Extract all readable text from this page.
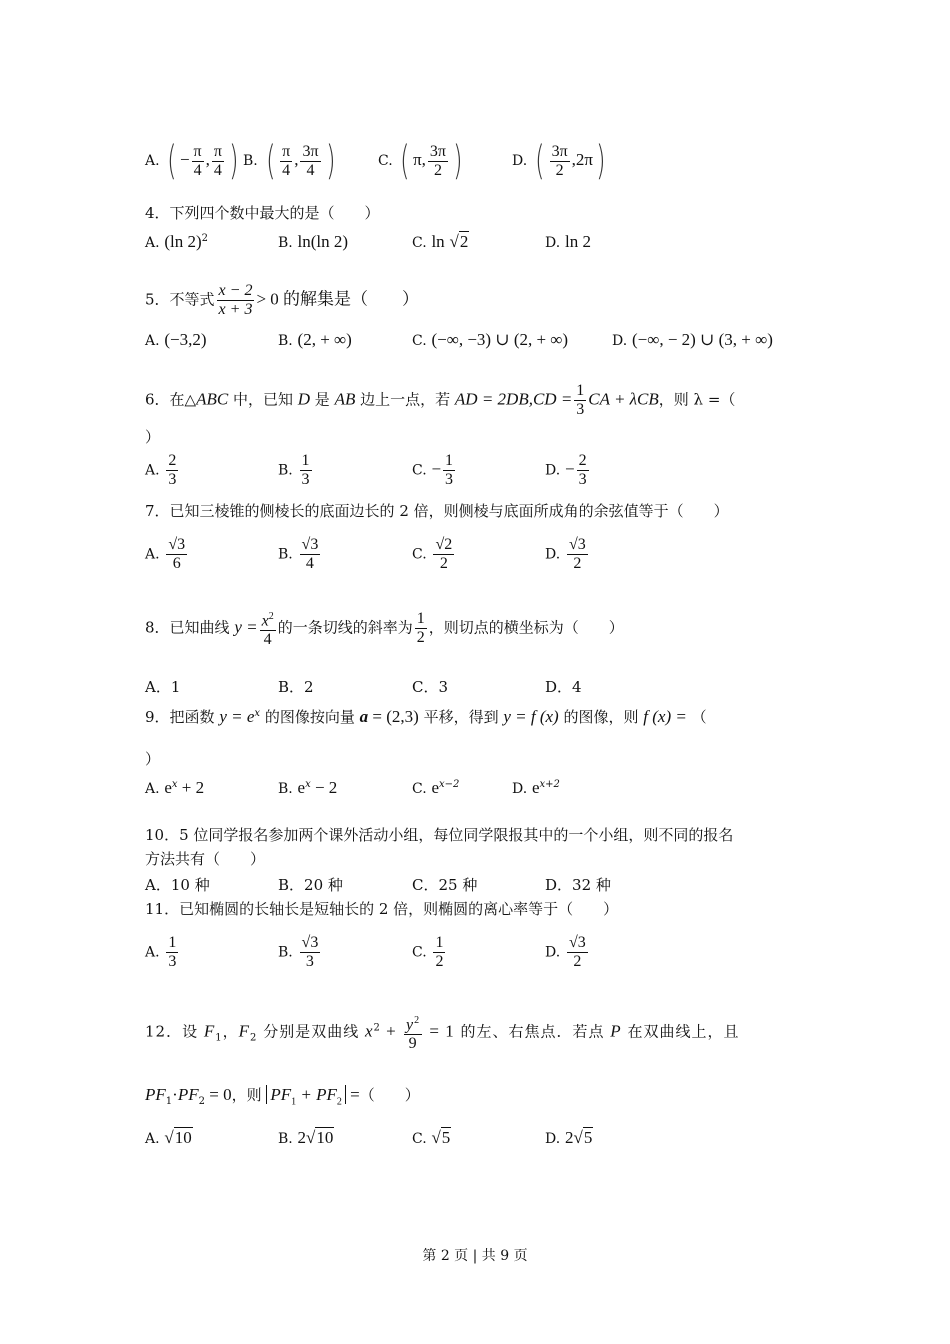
A. ( − $\frac{\pi}{4}$ , $\frac{\pi}{4}$ ) B. ( $\frac{\pi}{4}$ , $\frac{3\pi}{4}$ )	C. ( π, $\frac{3\pi}{2}$ )	D. ( $\frac{3\pi}{2} ,2\pi$)
4．下列四个数中最大的是（　　）
A. (ln 2)$^2$	B. ln(ln 2)	C. ln √2	D. ln 2
5．不等式 $\frac{x - 2}{x + 3} > 0$ 的解集是（　　）
A. (−3,2)	B. (2, + ∞)	C. (−∞, −3) ∪ (2, + ∞)	D. (−∞, − 2) ∪ (3, + ∞)
6．在△ABC 中，已知 D 是 AB 边上一点，若 AD = $2DB,CD = \frac{1}{3}$ CA + λCB，则 λ =（
）
A. $\frac{2}{3}$	B. $\frac{1}{3}$	C. − $\frac{1}{3}$	D. − $\frac{2}{3}$
7．已知三棱锥的侧棱长的底面边长的 2 倍，则侧棱与底面所成角的余弦值等于（　　）
A. $\frac{√3}{6}$	B. $\frac{√3}{4}$	C. $\frac{√2}{2}$	D. $\frac{√3}{2}$
8．已知曲线 $y = \frac{x^2}{4}$ 的一条切线的斜率为 $\frac{1}{2}$ ，则切点的横坐标为（　　）
A．1	B．2	C．3	D．4
9．把函数 $y = e^x$ 的图像按向量 a = (2,3) 平移，得到 y = f (x) 的图像，则 f (x) = （
）
A. $e^x + 2$	B. $e^x - 2$	C. $e^{x-2}$	D. $e^{x+2}$
10．5 位同学报名参加两个课外活动小组，每位同学限报其中的一个小组，则不同的报名
方法共有（　　）
A．10 种	B．20 种	C．25 种	D．32 种
11．已知椭圆的长轴长是短轴长的 2 倍，则椭圆的离心率等于（　　）
A. $\frac{1}{3}$	B. $\frac{√3}{3}$	C. $\frac{1}{2}$	D. $\frac{√3}{2}$
12．设 $F_1$，$F_2$ 分别是双曲线 $x^2 + \frac{y^2}{9} = 1$ 的左、右焦点．若点 P 在双曲线上，且
$PF_1\cdot PF_2 = 0$，则 $PF_1 + PF_2$ =（　　）
A. √10	B. 2√10	C. √5	D. 2√5
第 2 页 | 共 9 页
